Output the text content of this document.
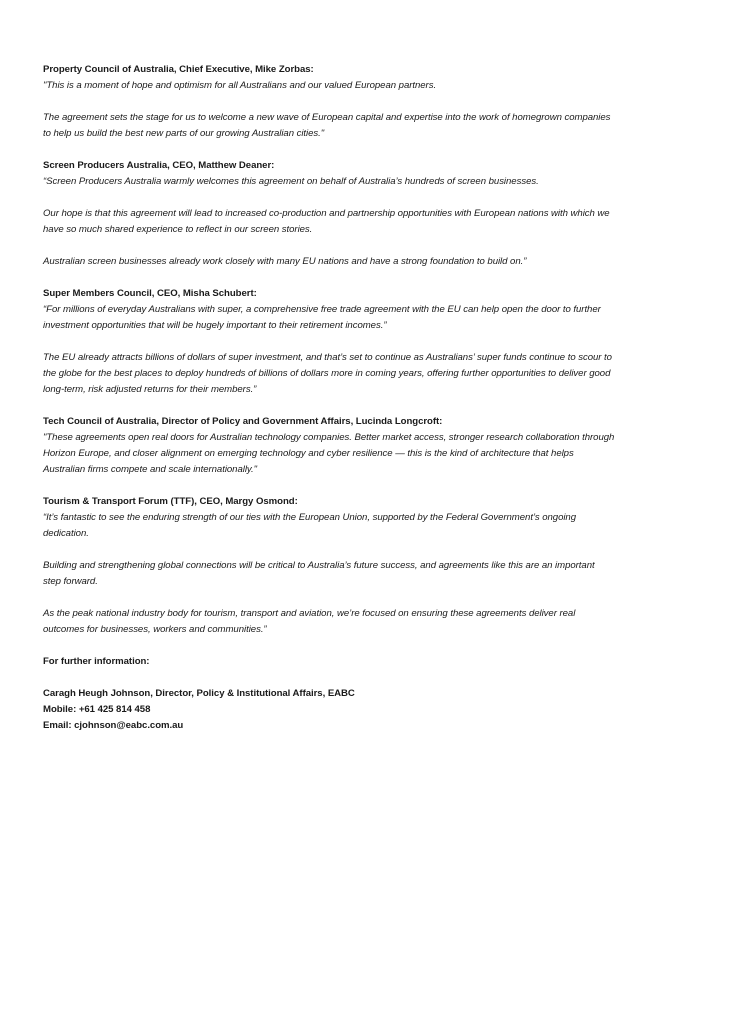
Property Council of Australia, Chief Executive, Mike Zorbas:
"This is a moment of hope and optimism for all Australians and our valued European partners.
The agreement sets the stage for us to welcome a new wave of European capital and expertise into the work of homegrown companies
to help us build the best new parts of our growing Australian cities."
Screen Producers Australia, CEO, Matthew Deaner:
“Screen Producers Australia warmly welcomes this agreement on behalf of Australia’s hundreds of screen businesses.
Our hope is that this agreement will lead to increased co-production and partnership opportunities with European nations with which we
have so much shared experience to reflect in our screen stories.
Australian screen businesses already work closely with many EU nations and have a strong foundation to build on.”
Super Members Council, CEO, Misha Schubert:
“For millions of everyday Australians with super, a comprehensive free trade agreement with the EU can help open the door to further
investment opportunities that will be hugely important to their retirement incomes.”
The EU already attracts billions of dollars of super investment, and that’s set to continue as Australians’ super funds continue to scour to
the globe for the best places to deploy hundreds of billions of dollars more in coming years, offering further opportunities to deliver good
long-term, risk adjusted returns for their members.”
Tech Council of Australia, Director of Policy and Government Affairs, Lucinda Longcroft:
"These agreements open real doors for Australian technology companies. Better market access, stronger research collaboration through
Horizon Europe, and closer alignment on emerging technology and cyber resilience — this is the kind of architecture that helps
Australian firms compete and scale internationally."
Tourism & Transport Forum (TTF), CEO, Margy Osmond:
“It’s fantastic to see the enduring strength of our ties with the European Union, supported by the Federal Government’s ongoing
dedication.
Building and strengthening global connections will be critical to Australia’s future success, and agreements like this are an important
step forward.
As the peak national industry body for tourism, transport and aviation, we’re focused on ensuring these agreements deliver real
outcomes for businesses, workers and communities.”
For further information:
Caragh Heugh Johnson, Director, Policy & Institutional Affairs, EABC
Mobile: +61 425 814 458
Email: cjohnson@eabc.com.au
